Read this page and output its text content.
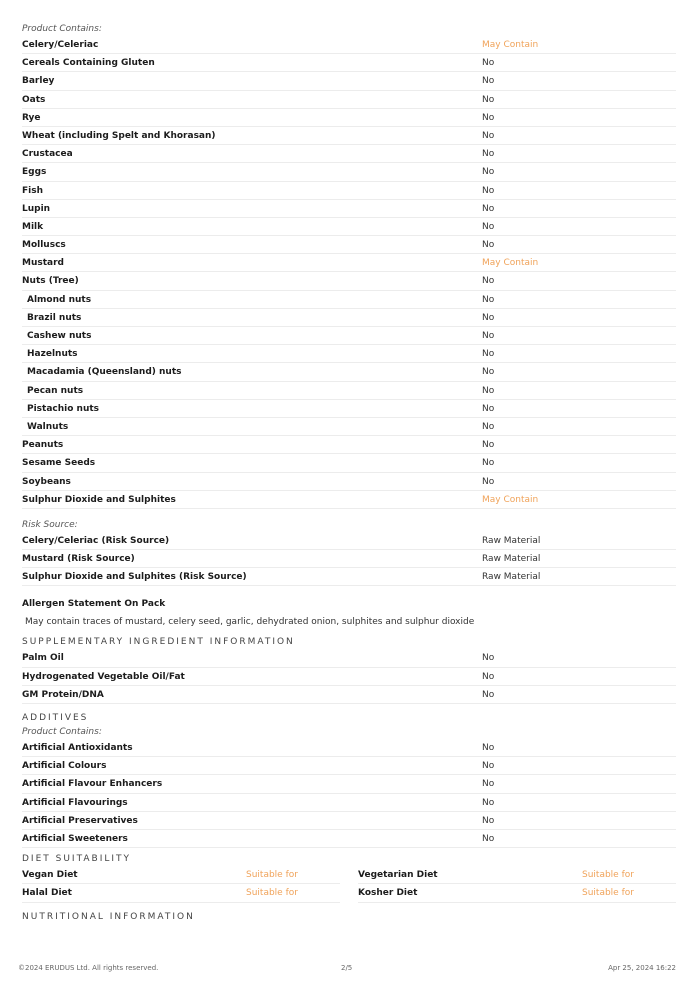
Product Contains:
Celery/Celeriac	May Contain
Cereals Containing Gluten	No
Barley	No
Oats	No
Rye	No
Wheat (including Spelt and Khorasan)	No
Crustacea	No
Eggs	No
Fish	No
Lupin	No
Milk	No
Molluscs	No
Mustard	May Contain
Nuts (Tree)	No
Almond nuts	No
Brazil nuts	No
Cashew nuts	No
Hazelnuts	No
Macadamia (Queensland) nuts	No
Pecan nuts	No
Pistachio nuts	No
Walnuts	No
Peanuts	No
Sesame Seeds	No
Soybeans	No
Sulphur Dioxide and Sulphites	May Contain
Risk Source:
Celery/Celeriac (Risk Source)	Raw Material
Mustard (Risk Source)	Raw Material
Sulphur Dioxide and Sulphites (Risk Source)	Raw Material
Allergen Statement On Pack
May contain traces of mustard, celery seed, garlic, dehydrated onion, sulphites and sulphur dioxide
SUPPLEMENTARY INGREDIENT INFORMATION
Palm Oil	No
Hydrogenated Vegetable Oil/Fat	No
GM Protein/DNA	No
ADDITIVES
Product Contains:
Artificial Antioxidants	No
Artificial Colours	No
Artificial Flavour Enhancers	No
Artificial Flavourings	No
Artificial Preservatives	No
Artificial Sweeteners	No
DIET SUITABILITY
Vegan Diet	Suitable for	Vegetarian Diet	Suitable for
Halal Diet	Suitable for	Kosher Diet	Suitable for
NUTRITIONAL INFORMATION
©2024 ERUDUS Ltd. All rights reserved.	2/5	Apr 25, 2024 16:22
